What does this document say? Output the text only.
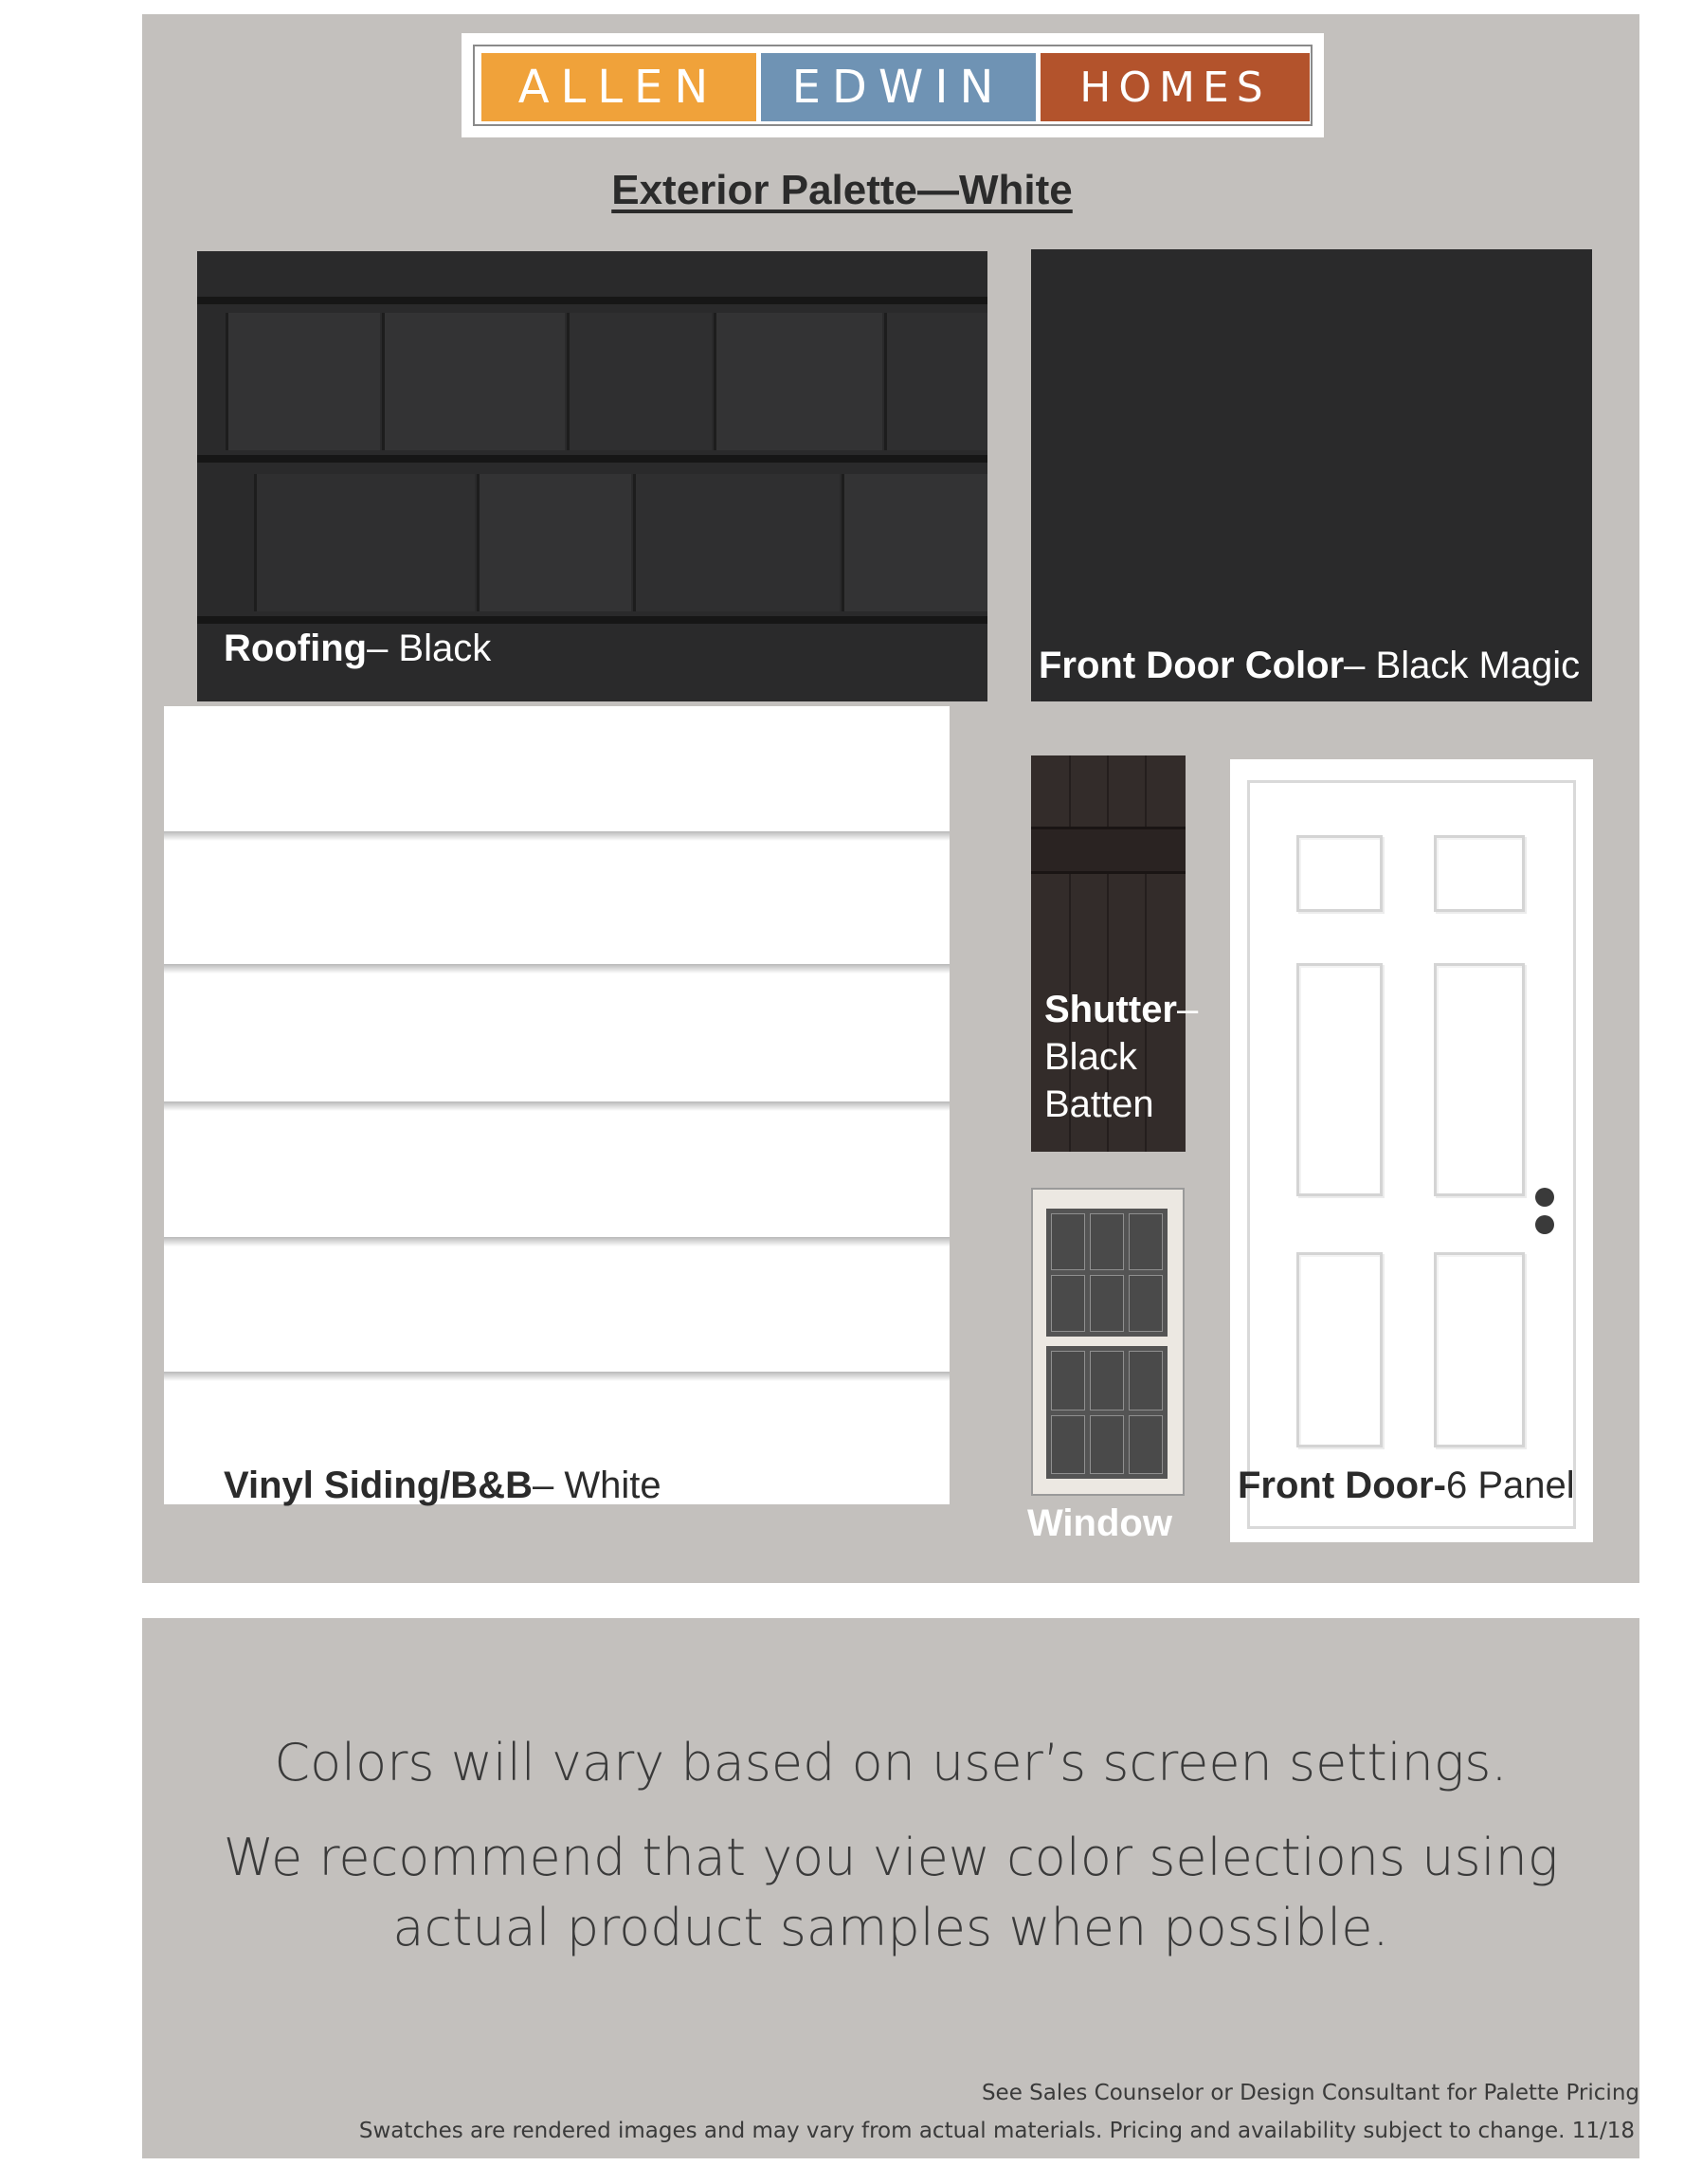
ALLEN	EDWIN	HOMES
Exterior Palette—White
Roofing– Black	Front Door Color– Black Magic
Vinyl Siding/B&B– White
Shutter–
Black
Batten
Window
Front Door-6 Panel
Colors will vary based on user’s screen settings.
We recommend that you view color selections using
actual product samples when possible.
See Sales Counselor or Design Consultant for Palette Pricing
Swatches are rendered images and may vary from actual materials. Pricing and availability subject to change. 11/18
